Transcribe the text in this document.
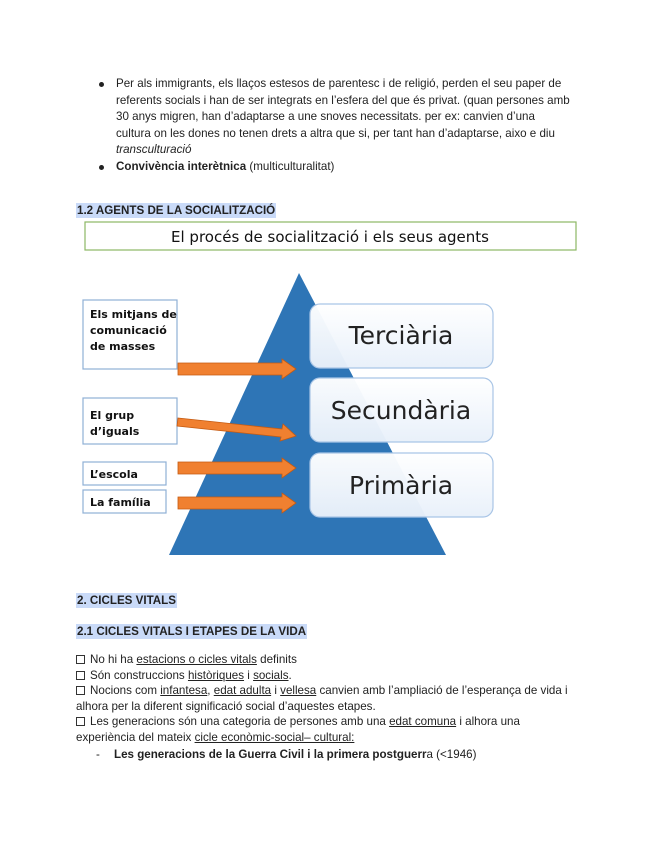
Per als immigrants, els llaços estesos de parentesc i de religió, perden el seu paper de
referents socials i han de ser integrats en l’esfera del que és privat. (quan persones amb
30 anys migren, han d’adaptarse a une snoves necessitats. per ex: canvien d’una
cultura on les dones no tenen drets a altra que si, per tant han d’adaptarse, aixo e diu
transculturació
Convivència interètnica (multiculturalitat)
1.2 AGENTS DE LA SOCIALITZACIÓ
El procés de socialització i els seus agents
Terciària
Secundària
Primària
Els mitjans de
comunicació
de masses
El grup
d’iguals
L’escola
La família
2. CICLES VITALS
2.1 CICLES VITALS I ETAPES DE LA VIDA
No hi ha estacions o cicles vitals definits
Són construccions històriques i socials.
Nocions com infantesa, edat adulta i vellesa canvien amb l’ampliació de l’esperança de vida i
alhora per la diferent significació social d’aquestes etapes.
Les generacions són una categoria de persones amb una edat comuna i alhora una
experiència del mateix cicle econòmic-social– cultural:
- Les generacions de la Guerra Civil i la primera postguerra (<1946)
